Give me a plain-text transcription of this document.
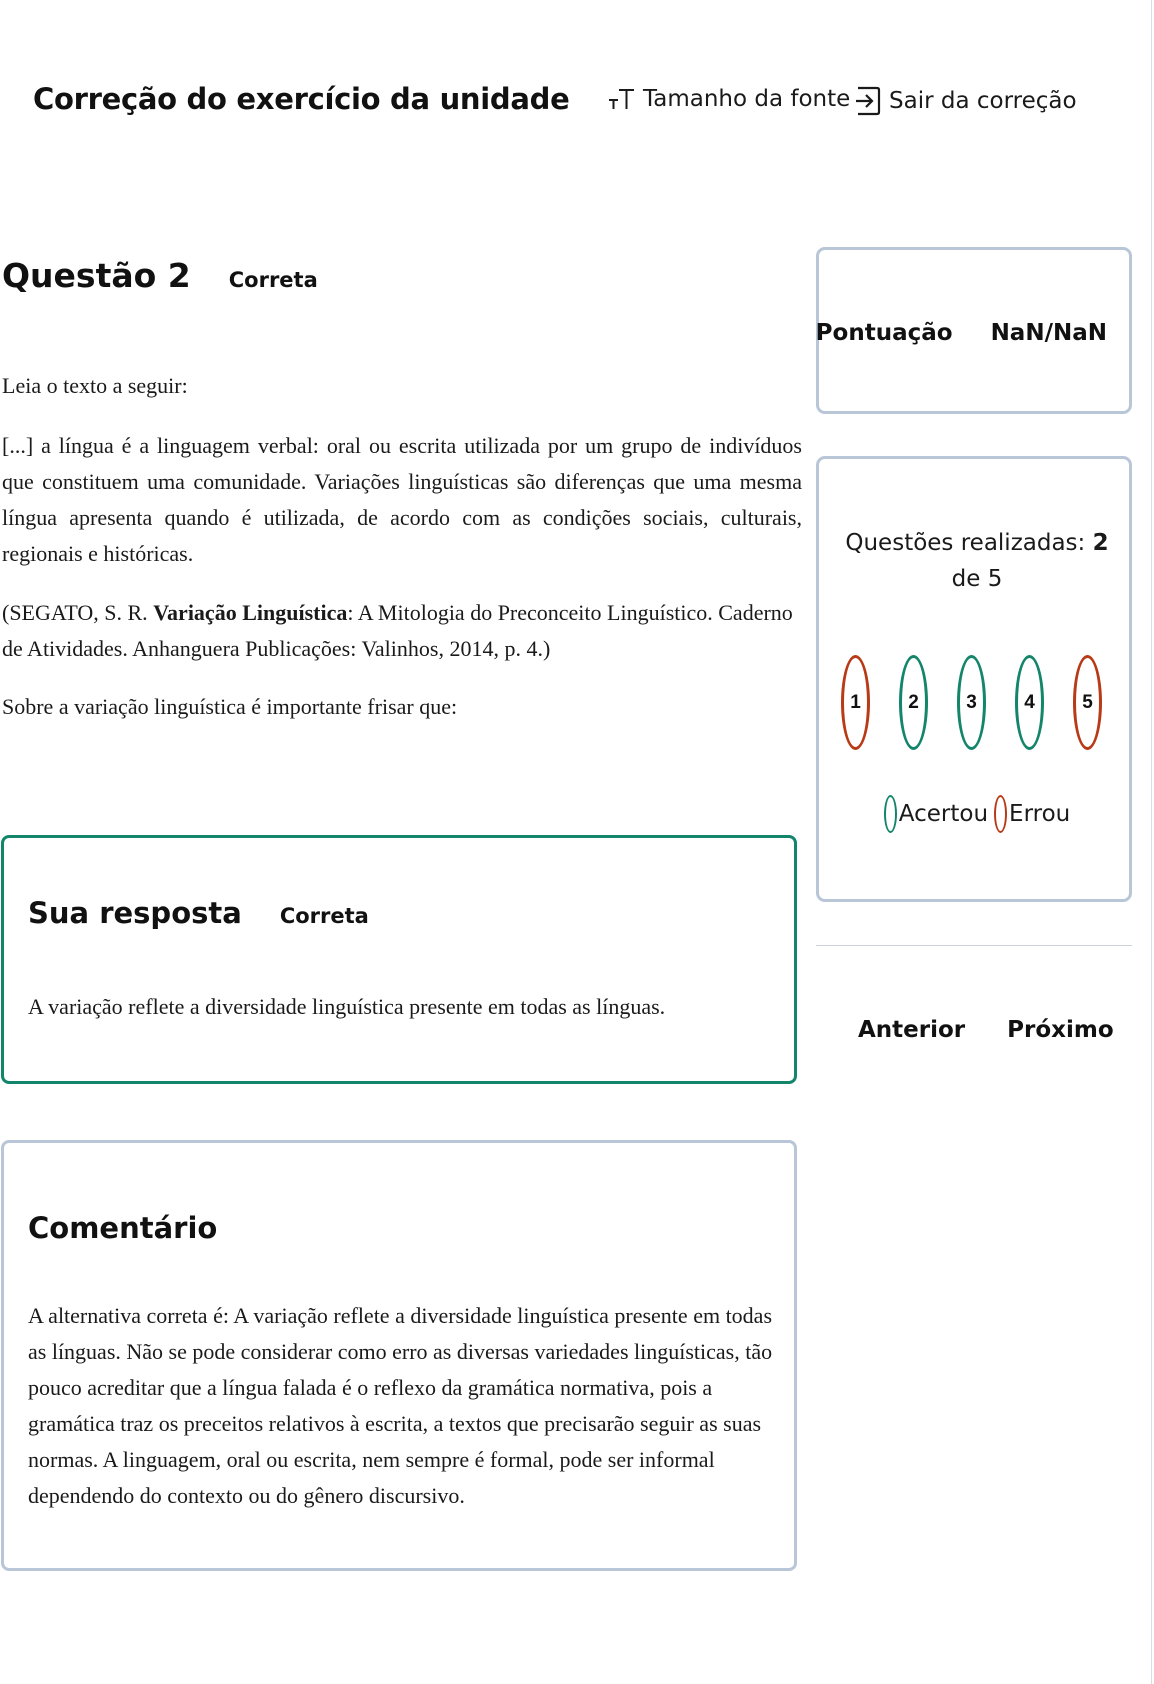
Correção do exercício da unidade	Tamanho da fonte Sair da correção
Questão 2 Correta

Leia o texto a seguir:

[...] a língua é a linguagem verbal: oral ou escrita utilizada por um grupo de indivíduos que constituem uma comunidade. Variações linguísticas são diferenças que uma mesma língua apresenta quando é utilizada, de acordo com as condições sociais, culturais, regionais e históricas.

(SEGATO, S. R. Variação Linguística: A Mitologia do Preconceito Linguístico. Caderno de Atividades. Anhanguera Publicações: Valinhos, 2014, p. 4.)

Sobre a variação linguística é importante frisar que:

Sua resposta Correta

A variação reflete a diversidade linguística presente em todas as línguas.

Comentário

A alternativa correta é: A variação reflete a diversidade linguística presente em todas as línguas. Não se pode considerar como erro as diversas variedades linguísticas, tão pouco acreditar que a língua falada é o reflexo da gramática normativa, pois a gramática traz os preceitos relativos à escrita, a textos que precisarão seguir as suas normas. A linguagem, oral ou escrita, nem sempre é formal, pode ser informal dependendo do contexto ou do gênero discursivo.

Pontuação NaN/NaN
Questões realizadas: 2
de 5
1	2	3	4	5
Acertou Errou
Anterior Próximo
